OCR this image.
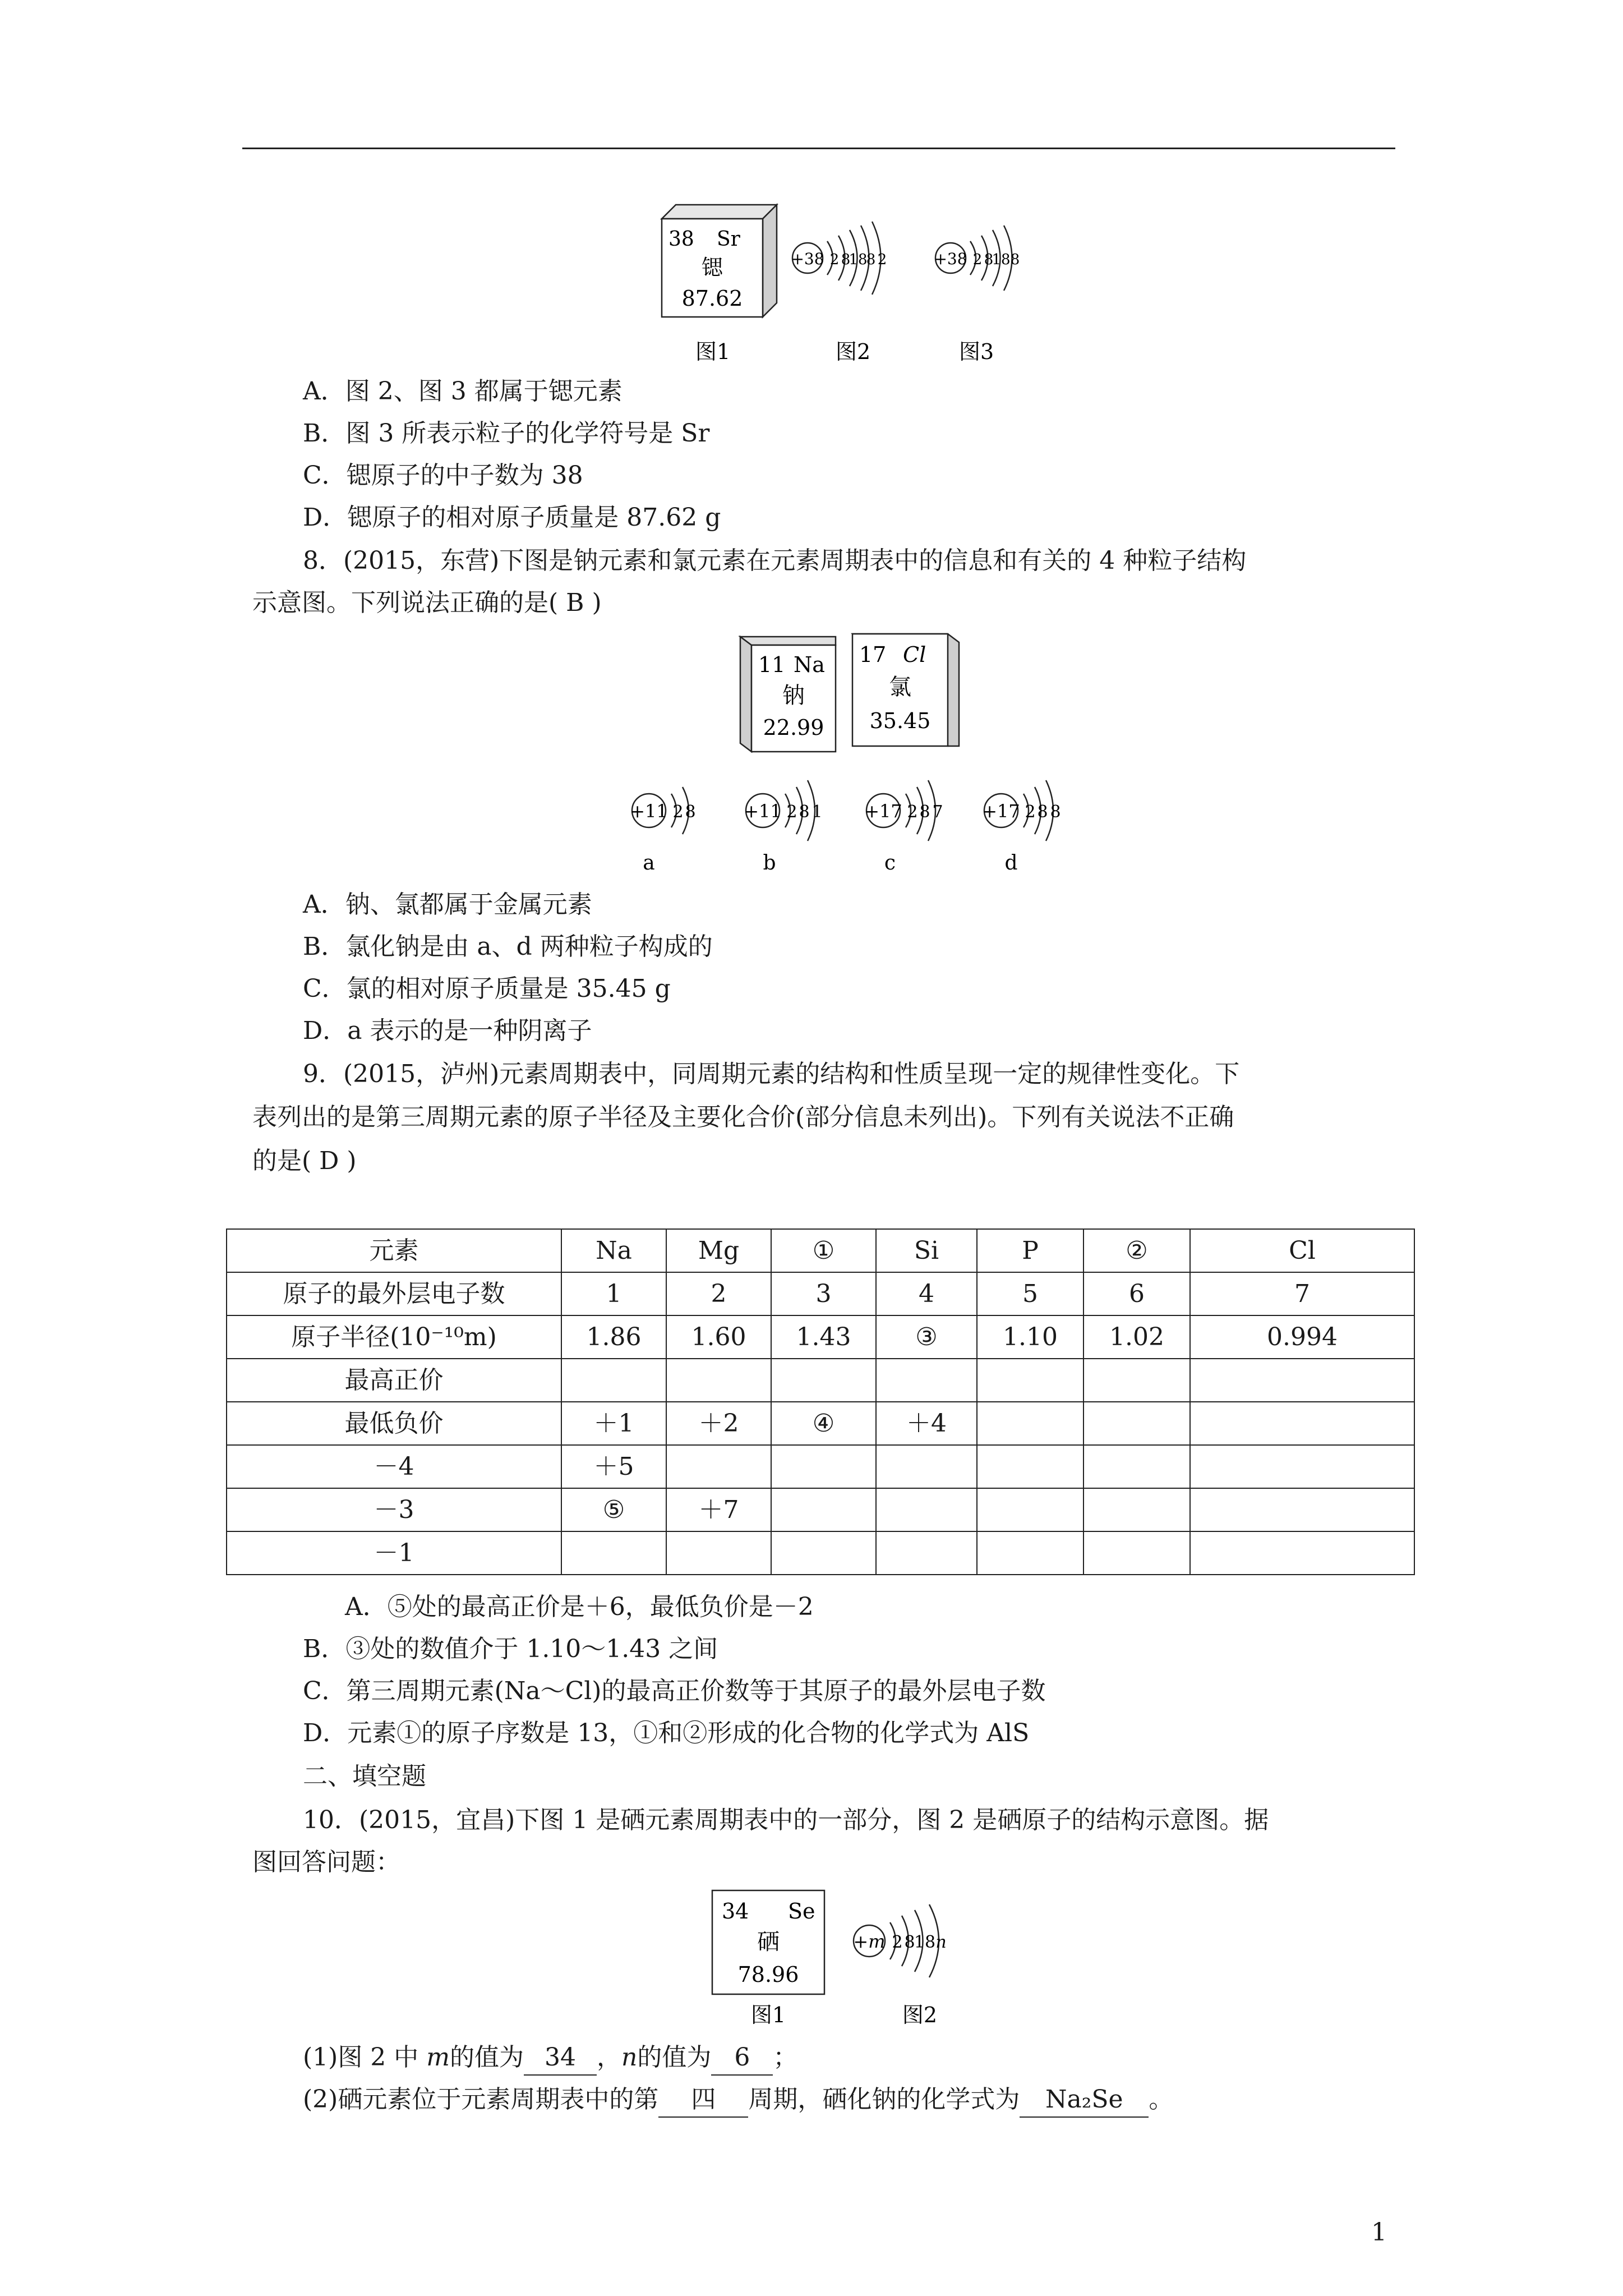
38 Sr
锶
87.62
+38 2 8
18
8 2	+38 2 8
18 8
图1	图2	图3
A．图 2、图 3 都属于锶元素
B．图 3 所表示粒子的化学符号是 Sr
C．锶原子的中子数为 38
D．锶原子的相对原子质量是 87.62 g
8．(2015，东营)下图是钠元素和氯元素在元素周期表中的信息和有关的 4 种粒子结构
示意图。下列说法正确的是( B )
11 Na
钠
22.99
17 Cl
氯
35.45
+11 2 8
a
+11 2 8 1
b
+17 2 8 7
c
+17 2 8 8
d
A．钠、氯都属于金属元素
B．氯化钠是由 a、d 两种粒子构成的
C．氯的相对原子质量是 35.45 g
D．a 表示的是一种阴离子
9．(2015，泸州)元素周期表中，同周期元素的结构和性质呈现一定的规律性变化。下
表列出的是第三周期元素的原子半径及主要化合价(部分信息未列出)。下列有关说法不正确
的是( D )
元素	Na	Mg	①	Si	P	②	Cl
原子的最外层电子数	1	2	3	4	5	6	7
原子半径(10⁻¹⁰m)	1.86	1.60	1.43	③	1.10	1.02	0.994
最高正价							
最低负价	＋1	＋2	④	＋4			
－4	＋5						
－3	⑤	＋7					
－1							
A．⑤处的最高正价是＋6，最低负价是－2
B．③处的数值介于 1.10～1.43 之间
C．第三周期元素(Na～Cl)的最高正价数等于其原子的最外层电子数
D．元素①的原子序数是 13，①和②形成的化合物的化学式为 AlS
二、填空题
10．(2015，宜昌)下图 1 是硒元素周期表中的一部分，图 2 是硒原子的结构示意图。据
图回答问题：
34 Se
硒
78.96
+m 2 8
18 n
图1	图2
(1)图 2 中 m的值为 34 ，n的值为 6 ；
(2)硒元素位于元素周期表中的第 四 周期，硒化钠的化学式为 Na₂Se 。
1
